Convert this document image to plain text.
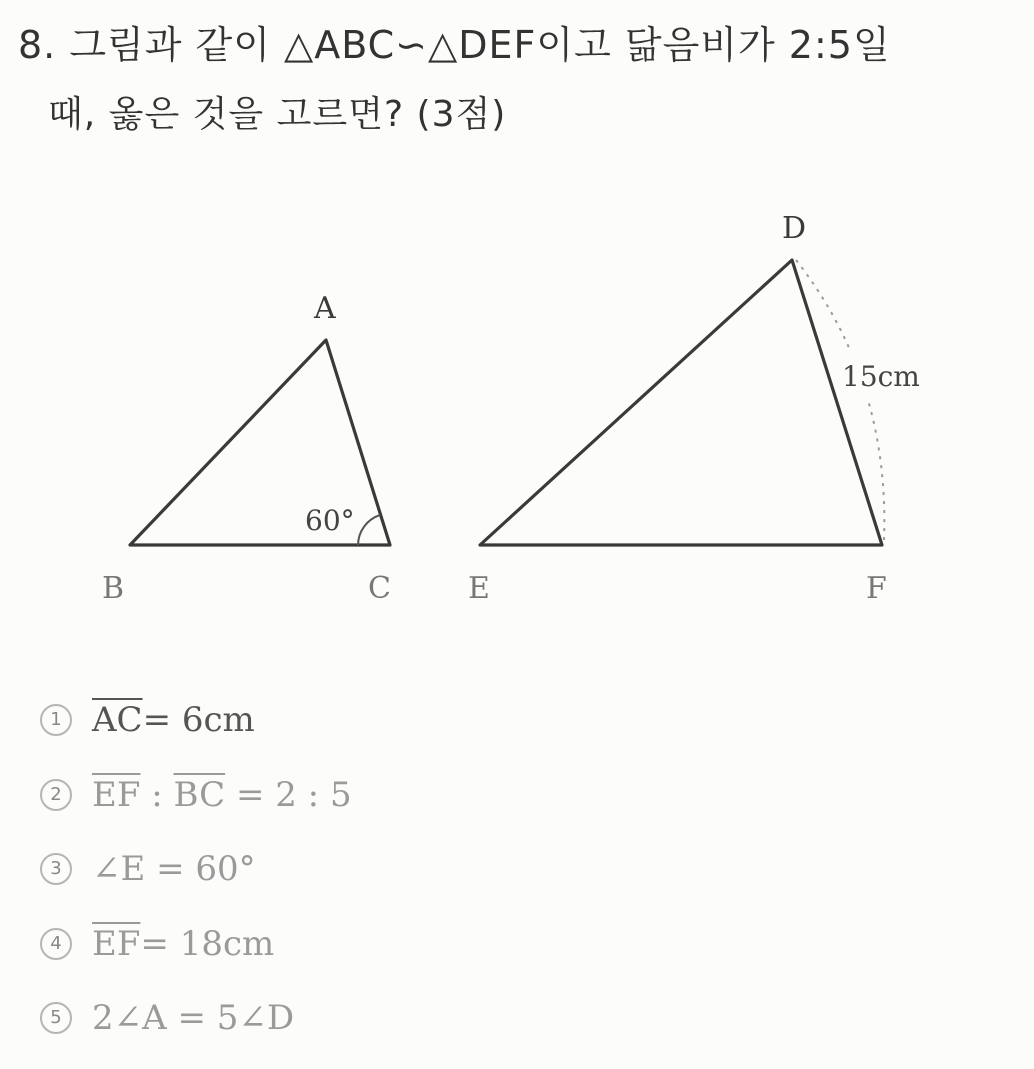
8. 그림과 같이 △ABC∽△DEF이고 닮음비가 2:5일
때, 옳은 것을 고르면? (3점)
60°
A
B	C
15cm
D
E	F
1 $\overline{AC}= 6cm$
2 $\overline{EF}$ : $\overline{BC} = 2$ : 5
3 ∠E = 60°
4 $\overline{EF}= 18cm$
5 2∠A = 5∠D
